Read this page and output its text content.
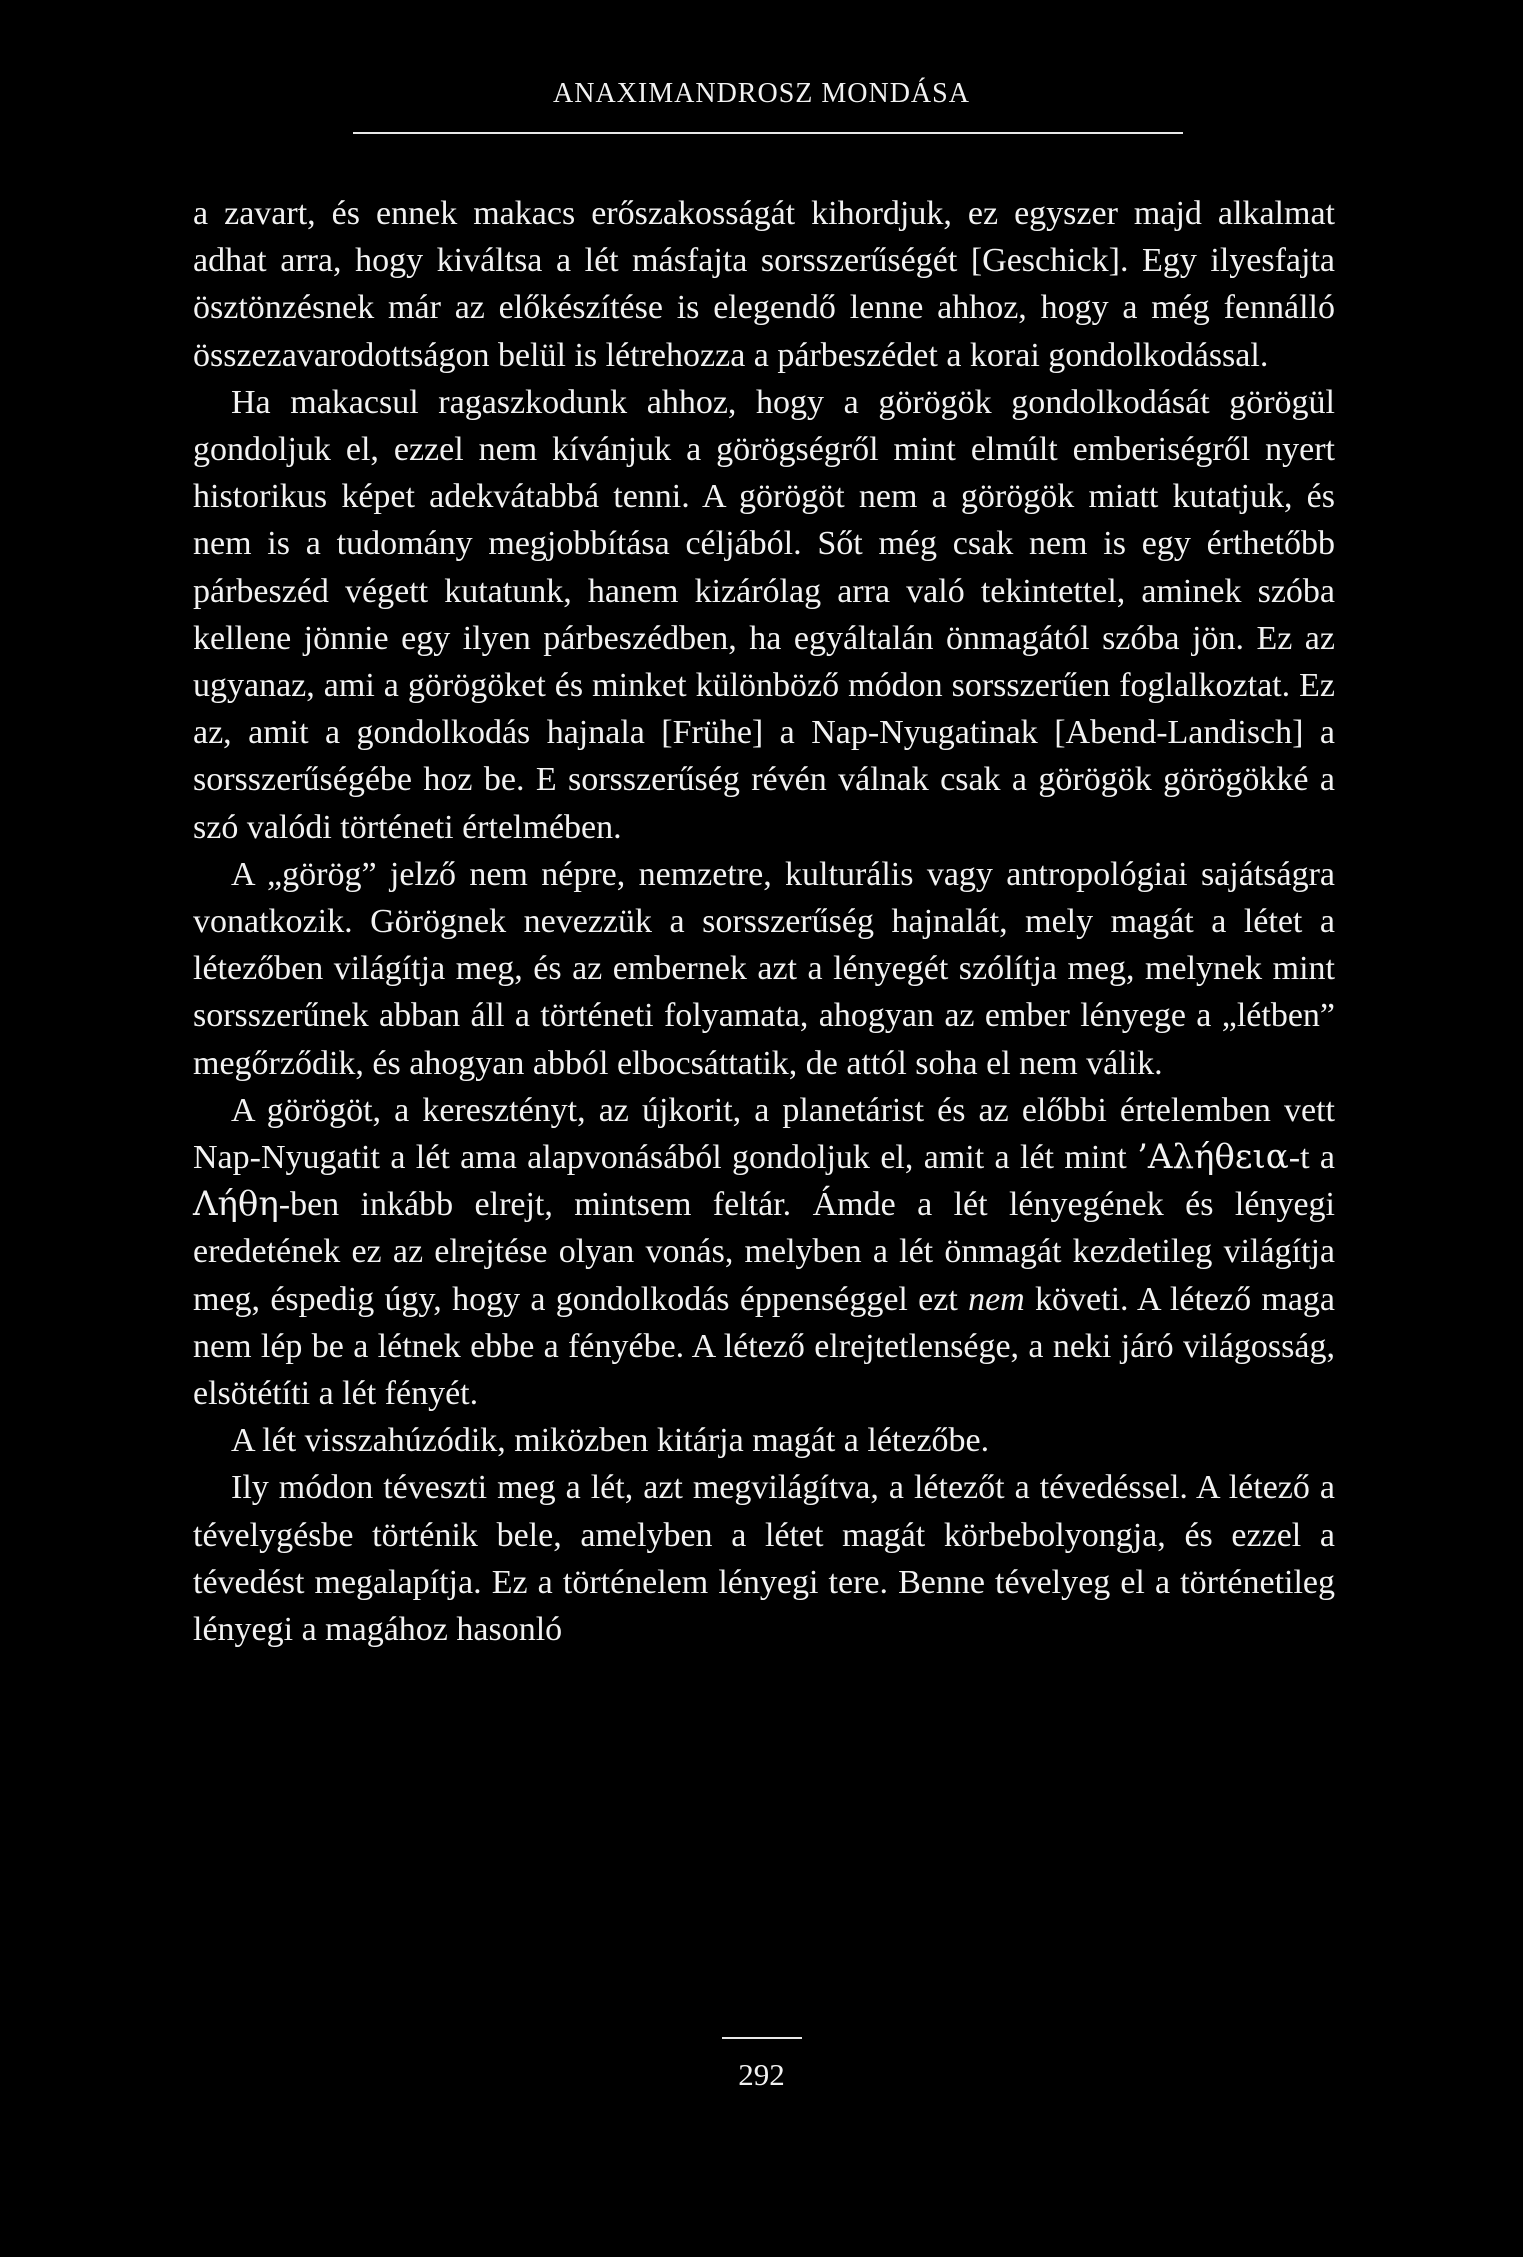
ANAXIMANDROSZ MONDÁSA

a zavart, és ennek makacs erőszakosságát kihordjuk, ez egyszer majd alkalmat adhat arra, hogy kiváltsa a lét másfajta sorsszerűségét [Geschick]. Egy ilyesfajta ösztönzésnek már az előkészítése is elegendő lenne ahhoz, hogy a még fennálló összezavarodottságon belül is létrehozza a párbeszédet a korai gondolkodással.

Ha makacsul ragaszkodunk ahhoz, hogy a görögök gondolkodását görögül gondoljuk el, ezzel nem kívánjuk a görögségről mint elmúlt emberiségről nyert historikus képet adekvátabbá tenni. A görögöt nem a görögök miatt kutatjuk, és nem is a tudomány megjobbítása céljából. Sőt még csak nem is egy érthetőbb párbeszéd végett kutatunk, hanem kizárólag arra való tekintettel, aminek szóba kellene jönnie egy ilyen párbeszédben, ha egyáltalán önmagától szóba jön. Ez az ugyanaz, ami a görögöket és minket különböző módon sorsszerűen foglalkoztat. Ez az, amit a gondolkodás hajnala [Frühe] a Nap-Nyugatinak [Abend-Landisch] a sorsszerűségébe hoz be. E sorsszerűség révén válnak csak a görögök görögökké a szó valódi történeti értelmében.

A „görög” jelző nem népre, nemzetre, kulturális vagy antropológiai sajátságra vonatkozik. Görögnek nevezzük a sorsszerűség hajnalát, mely magát a létet a létezőben világítja meg, és az embernek azt a lényegét szólítja meg, melynek mint sorsszerűnek abban áll a történeti folyamata, ahogyan az ember lényege a „létben” megőrződik, és ahogyan abból elbocsáttatik, de attól soha el nem válik.

A görögöt, a keresztényt, az újkorit, a planetárist és az előbbi értelemben vett Nap-Nyugatit a lét ama alapvonásából gondoljuk el, amit a lét mint ’Αλήθεια-t a Λήθη-ben inkább elrejt, mintsem feltár. Ámde a lét lényegének és lényegi eredetének ez az elrejtése olyan vonás, melyben a lét önmagát kezdetileg világítja meg, éspedig úgy, hogy a gondolkodás éppenséggel ezt nem követi. A létező maga nem lép be a létnek ebbe a fényébe. A létező elrejtetlensége, a neki járó világosság, elsötétíti a lét fényét.

A lét visszahúzódik, miközben kitárja magát a létezőbe.

Ily módon téveszti meg a lét, azt megvilágítva, a létezőt a tévedéssel. A létező a tévelygésbe történik bele, amelyben a létet magát körbebolyongja, és ezzel a tévedést megalapítja. Ez a történelem lényegi tere. Benne tévelyeg el a történetileg lényegi a magához hasonló

292
